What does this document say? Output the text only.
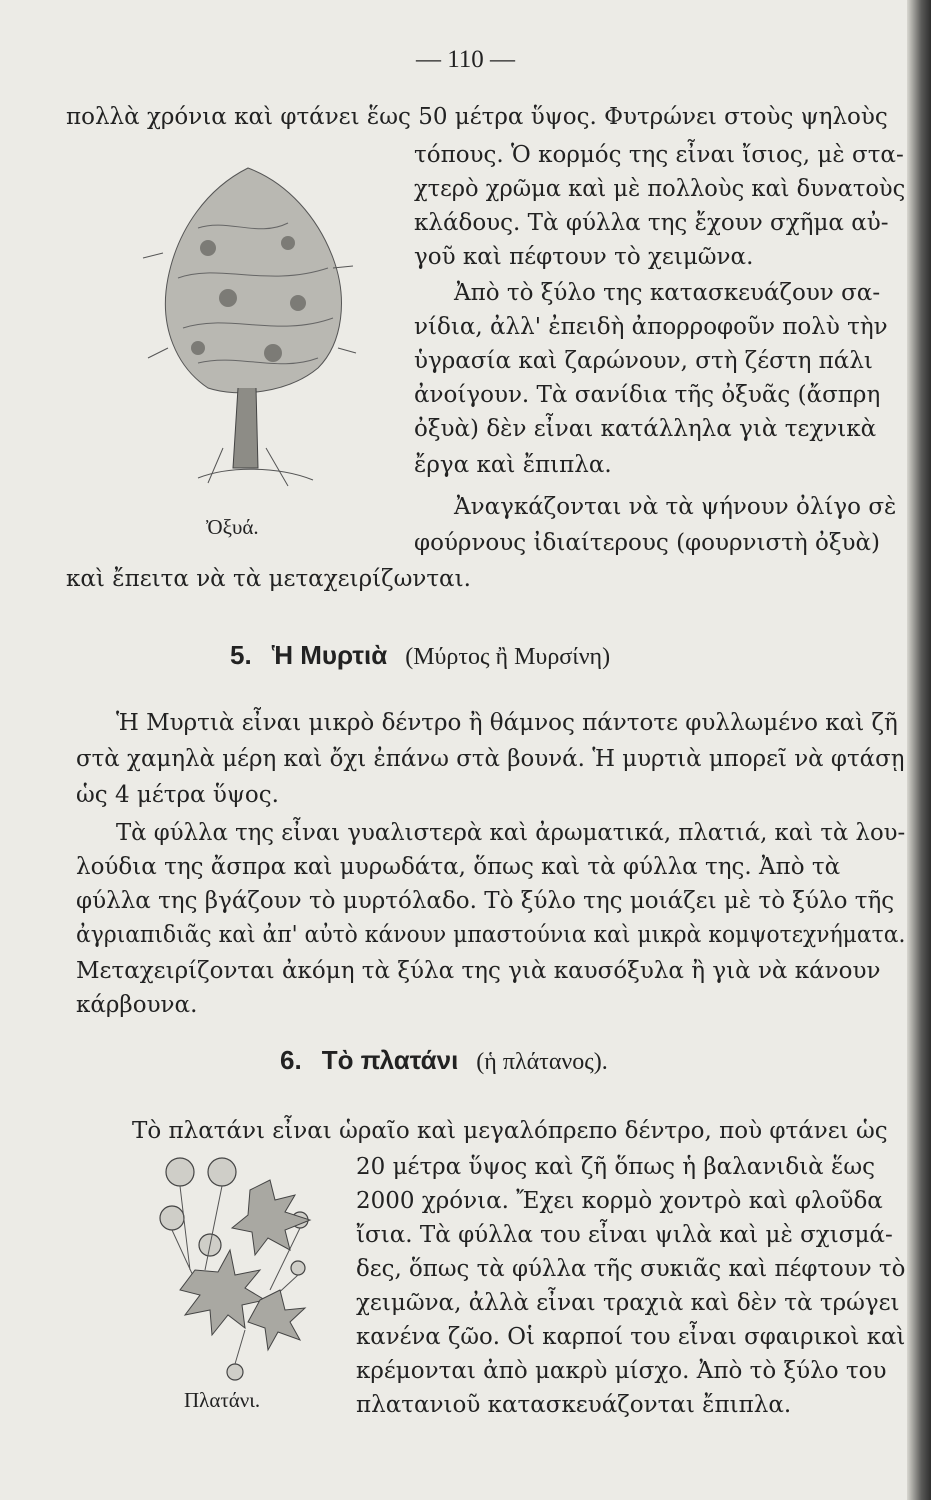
— 110 —
Ὀξυά.
πολλὰ χρόνια καὶ φτάνει ἕως 50 μέτρα ὕψος. Φυτρώνει στοὺς ψηλοὺς
τόπους. Ὁ κορμός της εἶναι ἴσιος, μὲ στα-
χτερὸ χρῶμα καὶ μὲ πολλοὺς καὶ δυνατοὺς
κλάδους. Τὰ φύλλα της ἔχουν σχῆμα αὐ-
γοῦ καὶ πέφτουν τὸ χειμῶνα.
Ἀπὸ τὸ ξύλο της κατασκευάζουν σα-
νίδια, ἀλλ' ἐπειδὴ ἀπορροφοῦν πολὺ τὴν
ὑγρασία καὶ ζαρώνουν, στὴ ζέστη πάλι
ἀνοίγουν. Τὰ σανίδια τῆς ὀξυᾶς (ἄσπρη
ὀξυὰ) δὲν εἶναι κατάλληλα γιὰ τεχνικὰ
ἔργα καὶ ἔπιπλα.
Ἀναγκάζονται νὰ τὰ ψήνουν ὀλίγο σὲ
φούρνους ἰδιαίτερους (φουρνιστὴ ὀξυὰ)
καὶ ἔπειτα νὰ τὰ μεταχειρίζωνται.
5. Ἡ Μυρτιὰ (Μύρτος ἢ Μυρσίνη)
Ἡ Μυρτιὰ εἶναι μικρὸ δέντρο ἢ θάμνος πάντοτε φυλλωμένο καὶ ζῆ
στὰ χαμηλὰ μέρη καὶ ὄχι ἐπάνω στὰ βουνά. Ἡ μυρτιὰ μπορεῖ νὰ φτάσῃ
ὡς 4 μέτρα ὕψος.
Τὰ φύλλα της εἶναι γυαλιστερὰ καὶ ἀρωματικά, πλατιά, καὶ τὰ λου-
λούδια της ἄσπρα καὶ μυρωδάτα, ὅπως καὶ τὰ φύλλα της. Ἀπὸ τὰ
φύλλα της βγάζουν τὸ μυρτόλαδο. Τὸ ξύλο της μοιάζει μὲ τὸ ξύλο τῆς
ἀγριαπιδιᾶς καὶ ἀπ' αὐτὸ κάνουν μπαστούνια καὶ μικρὰ κομψοτεχνήματα.
Μεταχειρίζονται ἀκόμη τὰ ξύλα της γιὰ καυσόξυλα ἢ γιὰ νὰ κάνουν
κάρβουνα.
6. Τὸ πλατάνι (ἡ πλάτανος).
Πλατάνι.
Τὸ πλατάνι εἶναι ὡραῖο καὶ μεγαλόπρεπο δέντρο, ποὺ φτάνει ὡς
20 μέτρα ὕψος καὶ ζῆ ὅπως ἡ βαλανιδιὰ ἕως
2000 χρόνια. Ἔχει κορμὸ χοντρὸ καὶ φλοῦδα
ἴσια. Τὰ φύλλα του εἶναι ψιλὰ καὶ μὲ σχισμά-
δες, ὅπως τὰ φύλλα τῆς συκιᾶς καὶ πέφτουν τὸ
χειμῶνα, ἀλλὰ εἶναι τραχιὰ καὶ δὲν τὰ τρώγει
κανένα ζῶο. Οἱ καρποί του εἶναι σφαιρικοὶ καὶ
κρέμονται ἀπὸ μακρὺ μίσχο. Ἀπὸ τὸ ξύλο του
πλατανιοῦ κατασκευάζονται ἔπιπλα.
